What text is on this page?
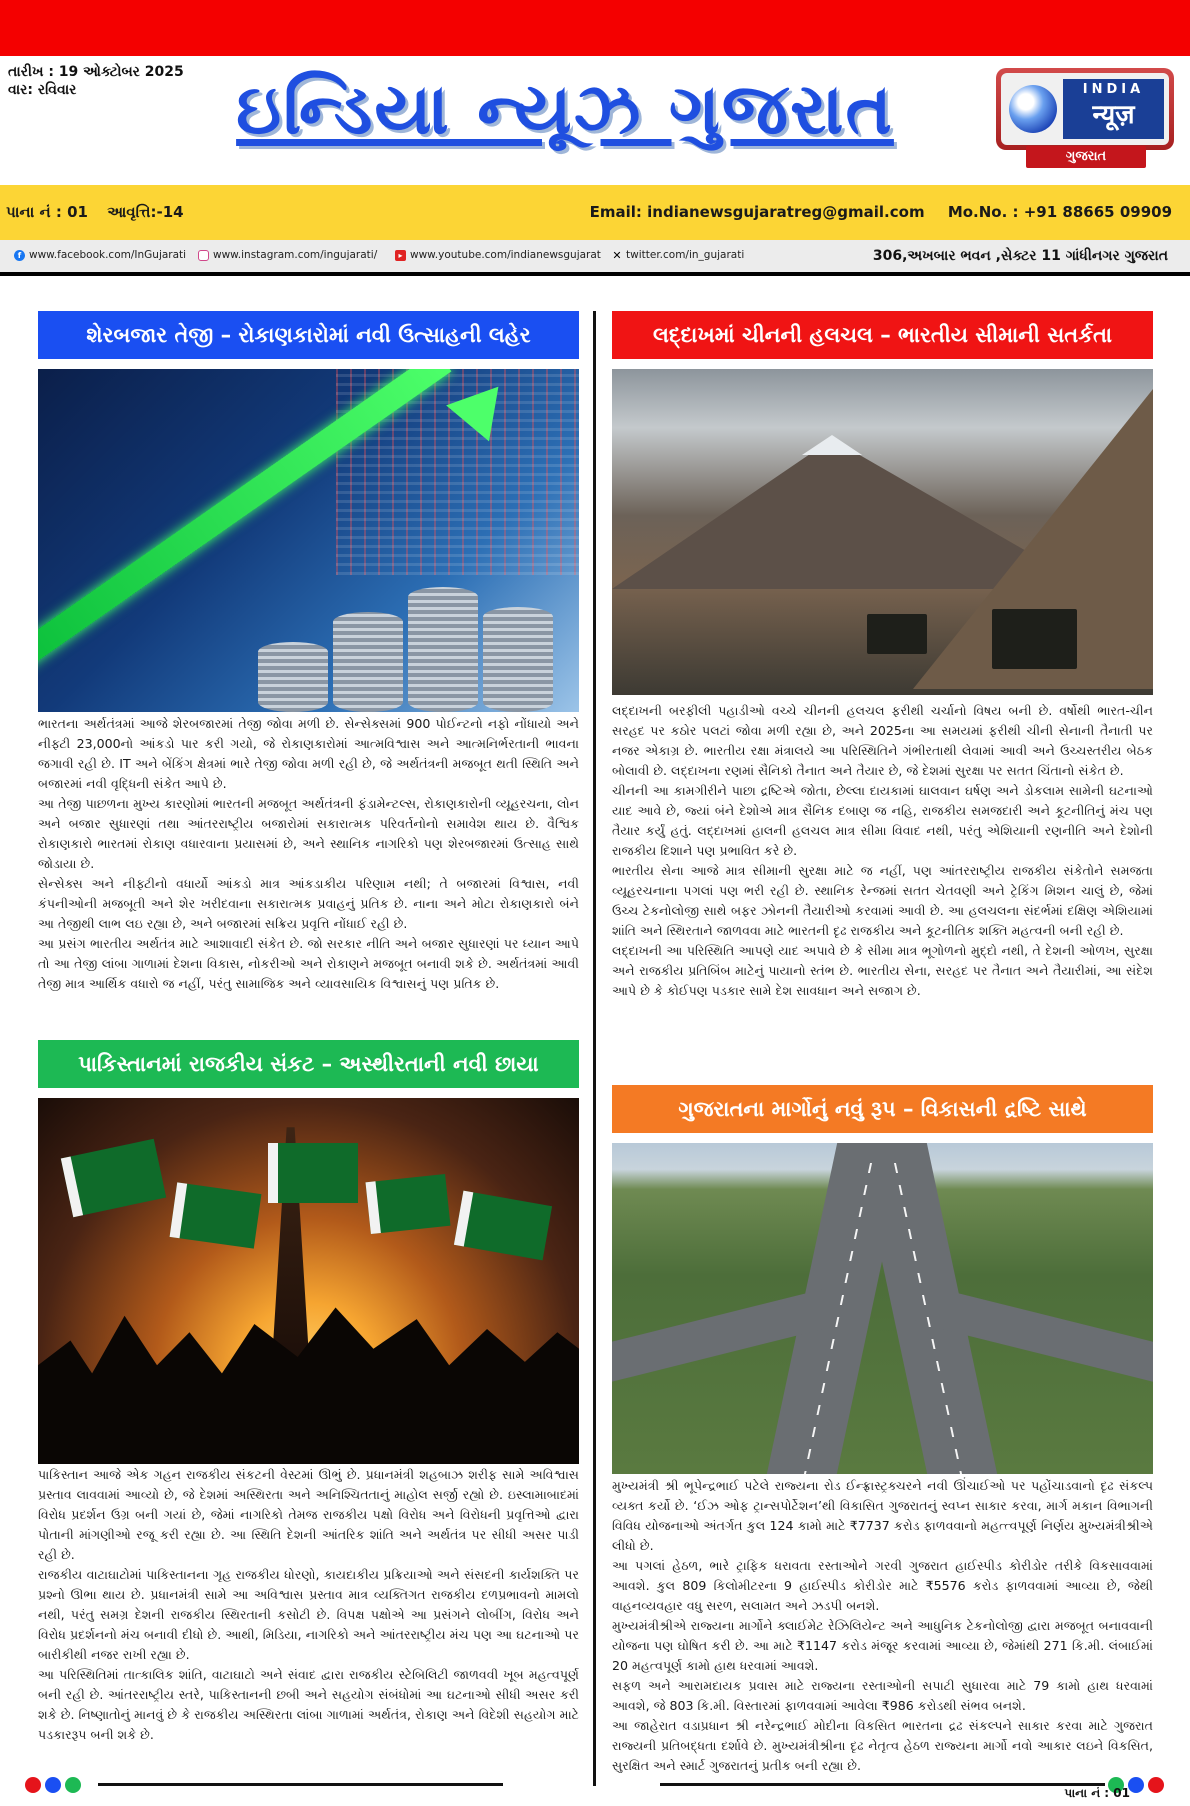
તારીખ : 19 ઓક્ટોબર 2025
વાર: રવિવાર	ઇન્ડિયા ન્યૂઝ ગુજરાત	INDIA
न्यूज़
ગુજરાત
પાના નં : 01 આવૃત્તિ:-14	Email: indianewsgujaratreg@gmail.com Mo.No. : +91 88665 09909
f www.facebook.com/InGujarati	www.instagram.com/ingujarati/	▸ www.youtube.com/indianewsgujarat ✕ twitter.com/in_gujarati	306,અખબાર ભવન ,સેક્ટર 11 ગાંધીનગર ગુજરાત
શેરબજાર તેજી – રોકાણકારોમાં નવી ઉત્સાહની લહેર

ભારતના અર્થતંત્રમાં આજે શેરબજારમાં તેજી જોવા મળી છે. સેન્સેક્સમાં 900 પોઈન્ટનો નફો નોંધાયો અને નીફ્ટી 23,000નો આંકડો પાર કરી ગયો, જે રોકાણકારોમાં આત્મવિશ્વાસ અને આત્મનિર્ભરતાની ભાવના જગાવી રહી છે. IT અને બેંકિંગ ક્ષેત્રમાં ભારે તેજી જોવા મળી રહી છે, જે અર્થતંત્રની મજબૂત થતી સ્થિતિ અને બજારમાં નવી વૃદ્ધિની સંકેત આપે છે.

આ તેજી પાછળના મુખ્ય કારણોમાં ભારતની મજબૂત અર્થતંત્રની ફંડામેન્ટલ્સ, રોકાણકારોની વ્યૂહરચના, લોન અને બજાર સુધારણાં તથા આંતરરાષ્ટ્રીય બજારોમાં સકારાત્મક પરિવર્તનોનો સમાવેશ થાય છે. વૈશ્વિક રોકાણકારો ભારતમાં રોકાણ વધારવાના પ્રયાસમાં છે, અને સ્થાનિક નાગરિકો પણ શેરબજારમાં ઉત્સાહ સાથે જોડાયા છે.

સેન્સેક્સ અને નીફ્ટીનો વધાર્યો આંકડો માત્ર આંકડાકીય પરિણામ નથી; તે બજારમાં વિશ્વાસ, નવી કંપનીઓની મજબૂતી અને શેર ખરીદવાના સકારાત્મક પ્રવાહનું પ્રતિક છે. નાના અને મોટા રોકાણકારો બંને આ તેજીથી લાભ લઇ રહ્યા છે, અને બજારમાં સક્રિય પ્રવૃત્તિ નોંધાઈ રહી છે.

આ પ્રસંગ ભારતીય અર્થતંત્ર માટે આશાવાદી સંકેત છે. જો સરકાર નીતિ અને બજાર સુધારણાં પર ધ્યાન આપે તો આ તેજી લાંબા ગાળામાં દેશના વિકાસ, નોકરીઓ અને રોકાણને મજબૂત બનાવી શકે છે. અર્થતંત્રમાં આવી તેજી માત્ર આર્થિક વધારો જ નહીં, પરંતુ સામાજિક અને વ્યાવસાયિક વિશ્વાસનું પણ પ્રતિક છે.

પાકિસ્તાનમાં રાજકીય સંકટ – અસ્થીરતાની નવી છાયા

પાકિસ્તાન આજે એક ગહન રાજકીય સંકટની વેસ્ટમાં ઊભું છે. પ્રધાનમંત્રી શહબાઝ શરીફ સામે અવિશ્વાસ પ્રસ્તાવ લાવવામાં આવ્યો છે, જે દેશમાં અસ્થિરતા અને અનિશ્ચિતતાનું માહોલ સર્જી રહ્યો છે. ઇસ્લામાબાદમાં વિરોધ પ્રદર્શન ઉગ્ર બની ગયાં છે, જેમાં નાગરિકો તેમજ રાજકીય પક્ષો વિરોધ અને વિરોધની પ્રવૃત્તિઓ દ્વારા પોતાની માંગણીઓ રજૂ કરી રહ્યા છે. આ સ્થિતિ દેશની આંતરિક શાંતિ અને અર્થતંત્ર પર સીધી અસર પાડી રહી છે.

રાજકીય વાટાઘાટોમાં પાકિસ્તાનના ગૃહ રાજકીય ધોરણો, કાયદાકીય પ્રક્રિયાઓ અને સંસદની કાર્યશક્તિ પર પ્રશ્નો ઊભા થાય છે. પ્રધાનમંત્રી સામે આ અવિશ્વાસ પ્રસ્તાવ માત્ર વ્યક્તિગત રાજકીય દળપ્રભાવનો મામલો નથી, પરંતુ સમગ્ર દેશની રાજકીય સ્થિરતાની કસોટી છે. વિપક્ષ પક્ષોએ આ પ્રસંગને લોબીંગ, વિરોધ અને વિરોધ પ્રદર્શનનો મંચ બનાવી દીધો છે. આથી, મિડિયા, નાગરિકો અને આંતરરાષ્ટ્રીય મંચ પણ આ ઘટનાઓ પર બારીકીથી નજર રાખી રહ્યા છે.

આ પરિસ્થિતિમાં તાત્કાલિક શાંતિ, વાટાઘાટો અને સંવાદ દ્વારા રાજકીય સ્ટેબિલિટી જાળવવી ખૂબ મહત્વપૂર્ણ બની રહી છે. આંતરરાષ્ટ્રીય સ્તરે, પાકિસ્તાનની છબી અને સહયોગ સંબંધોમાં આ ઘટનાઓ સીધી અસર કરી શકે છે. નિષ્ણાતોનું માનવું છે કે રાજકીય અસ્થિરતા લાંબા ગાળામાં અર્થતંત્ર, રોકાણ અને વિદેશી સહયોગ માટે પડકારરૂપ બની શકે છે.

લદ્દાખમાં ચીનની હલચલ – ભારતીય સીમાની સતર્કતા

લદ્દાખની બરફીલી પહાડીઓ વચ્ચે ચીનની હલચલ ફરીથી ચર્ચાનો વિષય બની છે. વર્ષોથી ભારત-ચીન સરહદ પર કઠોર પલટાં જોવા મળી રહ્યા છે, અને 2025ના આ સમયમાં ફરીથી ચીની સેનાની તૈનાતી પર નજર એકાગ્ર છે. ભારતીય રક્ષા મંત્રાલયે આ પરિસ્થિતિને ગંભીરતાથી લેવામાં આવી અને ઉચ્ચસ્તરીય બેઠક બોલાવી છે. લદ્દાખના રણમાં સૈનિકો તૈનાત અને તૈયાર છે, જે દેશમાં સુરક્ષા પર સતત ચિંતાનો સંકેત છે.

ચીનની આ કામગીરીને પાછા દ્રષ્ટિએ જોતા, છેલ્લા દાયકામાં ઘાલવાન ઘર્ષણ અને ડોકલામ સામેની ઘટનાઓ યાદ આવે છે, જ્યાં બંને દેશોએ માત્ર સૈનિક દબાણ જ નહિ, રાજકીય સમજદારી અને કૂટનીતિનું મંચ પણ તૈયાર કર્યું હતું. લદ્દાખમાં હાલની હલચલ માત્ર સીમા વિવાદ નથી, પરંતુ એશિયાની રણનીતિ અને દેશોની રાજકીય દિશાને પણ પ્રભાવિત કરે છે.

ભારતીય સેના આજે માત્ર સીમાની સુરક્ષા માટે જ નહીં, પણ આંતરરાષ્ટ્રીય રાજકીય સંકેતોને સમજતા વ્યૂહરચનાના પગલાં પણ ભરી રહી છે. સ્થાનિક રેન્જમાં સતત ચેતવણી અને ટ્રેકિંગ મિશન ચાલું છે, જેમાં ઉચ્ચ ટેકનોલોજી સાથે બફર ઝોનની તૈયારીઓ કરવામાં આવી છે. આ હલચલના સંદર્ભમાં દક્ષિણ એશિયામાં શાંતિ અને સ્થિરતાને જાળવવા માટે ભારતની દૃઢ રાજકીય અને કૂટનીતિક શક્તિ મહત્વની બની રહી છે.

લદ્દાખની આ પરિસ્થિતિ આપણે યાદ અપાવે છે કે સીમા માત્ર ભૂગોળનો મુદ્દો નથી, તે દેશની ઓળખ, સુરક્ષા અને રાજકીય પ્રતિબિંબ માટેનું પાયાનો સ્તંભ છે. ભારતીય સેના, સરહદ પર તૈનાત અને તૈયારીમાં, આ સંદેશ આપે છે કે કોઈપણ પડકાર સામે દેશ સાવધાન અને સજાગ છે.

ગુજરાતના માર્ગોનું નવું રૂપ – વિકાસની દ્રષ્ટિ સાથે

મુખ્યમંત્રી શ્રી ભૂપેન્દ્રભાઈ પટેલે રાજ્યના રોડ ઈન્ફ્રાસ્ટ્રક્ચરને નવી ઊંચાઈઓ પર પહોંચાડવાનો દૃઢ સંકલ્પ વ્યક્ત કર્યો છે. ‘ઈઝ ઓફ ટ્રાન્સપોર્ટેશન’થી વિકાસિત ગુજરાતનું સ્વપ્ન સાકાર કરવા, માર્ગ મકાન વિભાગની વિવિધ યોજનાઓ અંતર્ગત કુલ 124 કામો માટે ₹7737 કરોડ ફાળવવાનો મહત્ત્વપૂર્ણ નિર્ણય મુખ્યમંત્રીશ્રીએ લીધો છે.

આ પગલાં હેઠળ, ભારે ટ્રાફિક ધરાવતા રસ્તાઓને ગરવી ગુજરાત હાઈસ્પીડ કોરીડોર તરીકે વિકસાવવામાં આવશે. કુલ 809 કિલોમીટરના 9 હાઈસ્પીડ કોરીડોર માટે ₹5576 કરોડ ફાળવવામાં આવ્યા છે, જેથી વાહનવ્યવહાર વધુ સરળ, સલામત અને ઝડપી બનશે.

મુખ્યમંત્રીશ્રીએ રાજ્યના માર્ગોને ક્લાઈમેટ રેઝિલિયેન્ટ અને આધુનિક ટેકનોલોજી દ્વારા મજબૂત બનાવવાની યોજના પણ ઘોષિત કરી છે. આ માટે ₹1147 કરોડ મંજૂર કરવામાં આવ્યા છે, જેમાંથી 271 કિ.મી. લંબાઈમાં 20 મહત્વપૂર્ણ કામો હાથ ધરવામાં આવશે.

સફળ અને આરામદાયક પ્રવાસ માટે રાજ્યના રસ્તાઓની સપાટી સુધારવા માટે 79 કામો હાથ ધરવામાં આવશે, જે 803 કિ.મી. વિસ્તારમાં ફાળવવામાં આવેલા ₹986 કરોડથી સંભવ બનશે.

આ જાહેરાત વડાપ્રધાન શ્રી નરેન્દ્રભાઈ મોદીના વિકસિત ભારતના દ્રઢ સંકલ્પને સાકાર કરવા માટે ગુજરાત રાજ્યની પ્રતિબદ્ધતા દર્શાવે છે. મુખ્યમંત્રીશ્રીના દૃઢ નેતૃત્વ હેઠળ રાજ્યના માર્ગો નવો આકાર લઇને વિકસિત, સુરક્ષિત અને સ્માર્ટ ગુજરાતનું પ્રતીક બની રહ્યા છે.

પાના નં : 01
